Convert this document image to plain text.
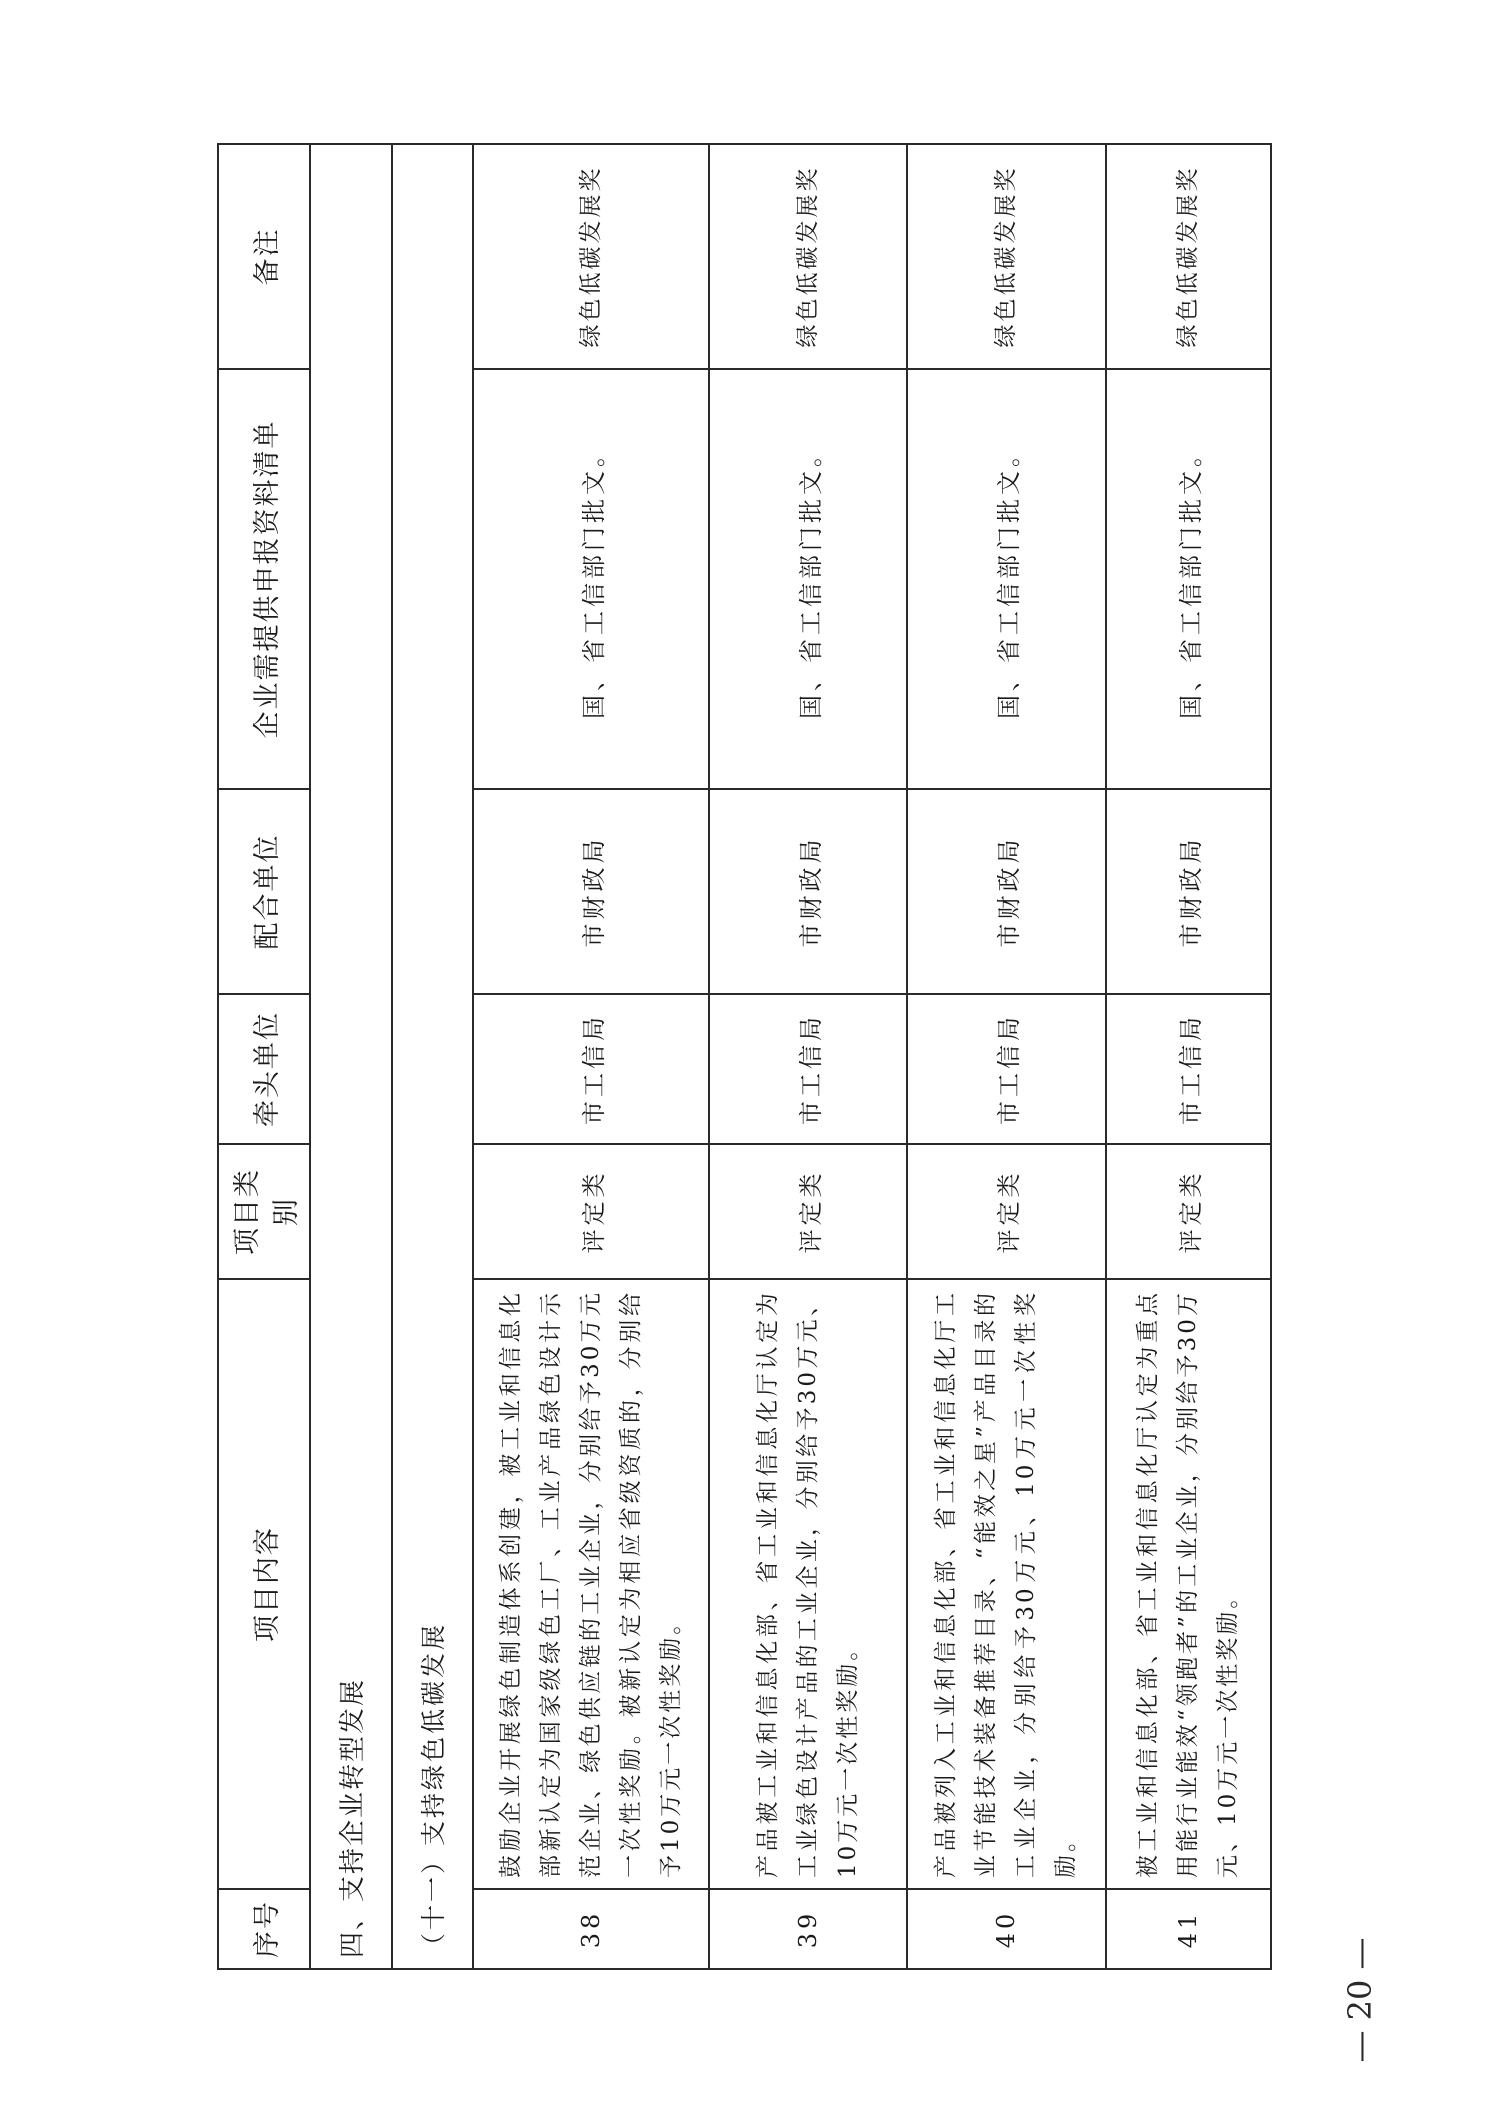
序号	项目内容	项目类别	牵头单位	配合单位	企业需提供申报资料清单	备注
四、支持企业转型发展						
（十一）支持绿色低碳发展						
38	鼓励企业开展绿色制造体系创建，被工业和信息化部新认定为国家级绿色工厂、工业产品绿色设计示范企业、绿色供应链的工业企业，分别给予30万元一次性奖励。被新认定为相应省级资质的，分别给予10万元一次性奖励。	评定类	市工信局	市财政局	国、省工信部门批文。	绿色低碳发展奖
39	产品被工业和信息化部、省工业和信息化厅认定为工业绿色设计产品的工业企业，分别给予30万元、10万元一次性奖励。	评定类	市工信局	市财政局	国、省工信部门批文。	绿色低碳发展奖
40	产品被列入工业和信息化部、省工业和信息化厅工业节能技术装备推荐目录、“能效之星”产品目录的工业企业，分别给予30万元、10万元一次性奖励。	评定类	市工信局	市财政局	国、省工信部门批文。	绿色低碳发展奖
41	被工业和信息化部、省工业和信息化厅认定为重点用能行业能效“领跑者”的工业企业，分别给予30万元、10万元一次性奖励。	评定类	市工信局	市财政局	国、省工信部门批文。	绿色低碳发展奖
— 20 —
